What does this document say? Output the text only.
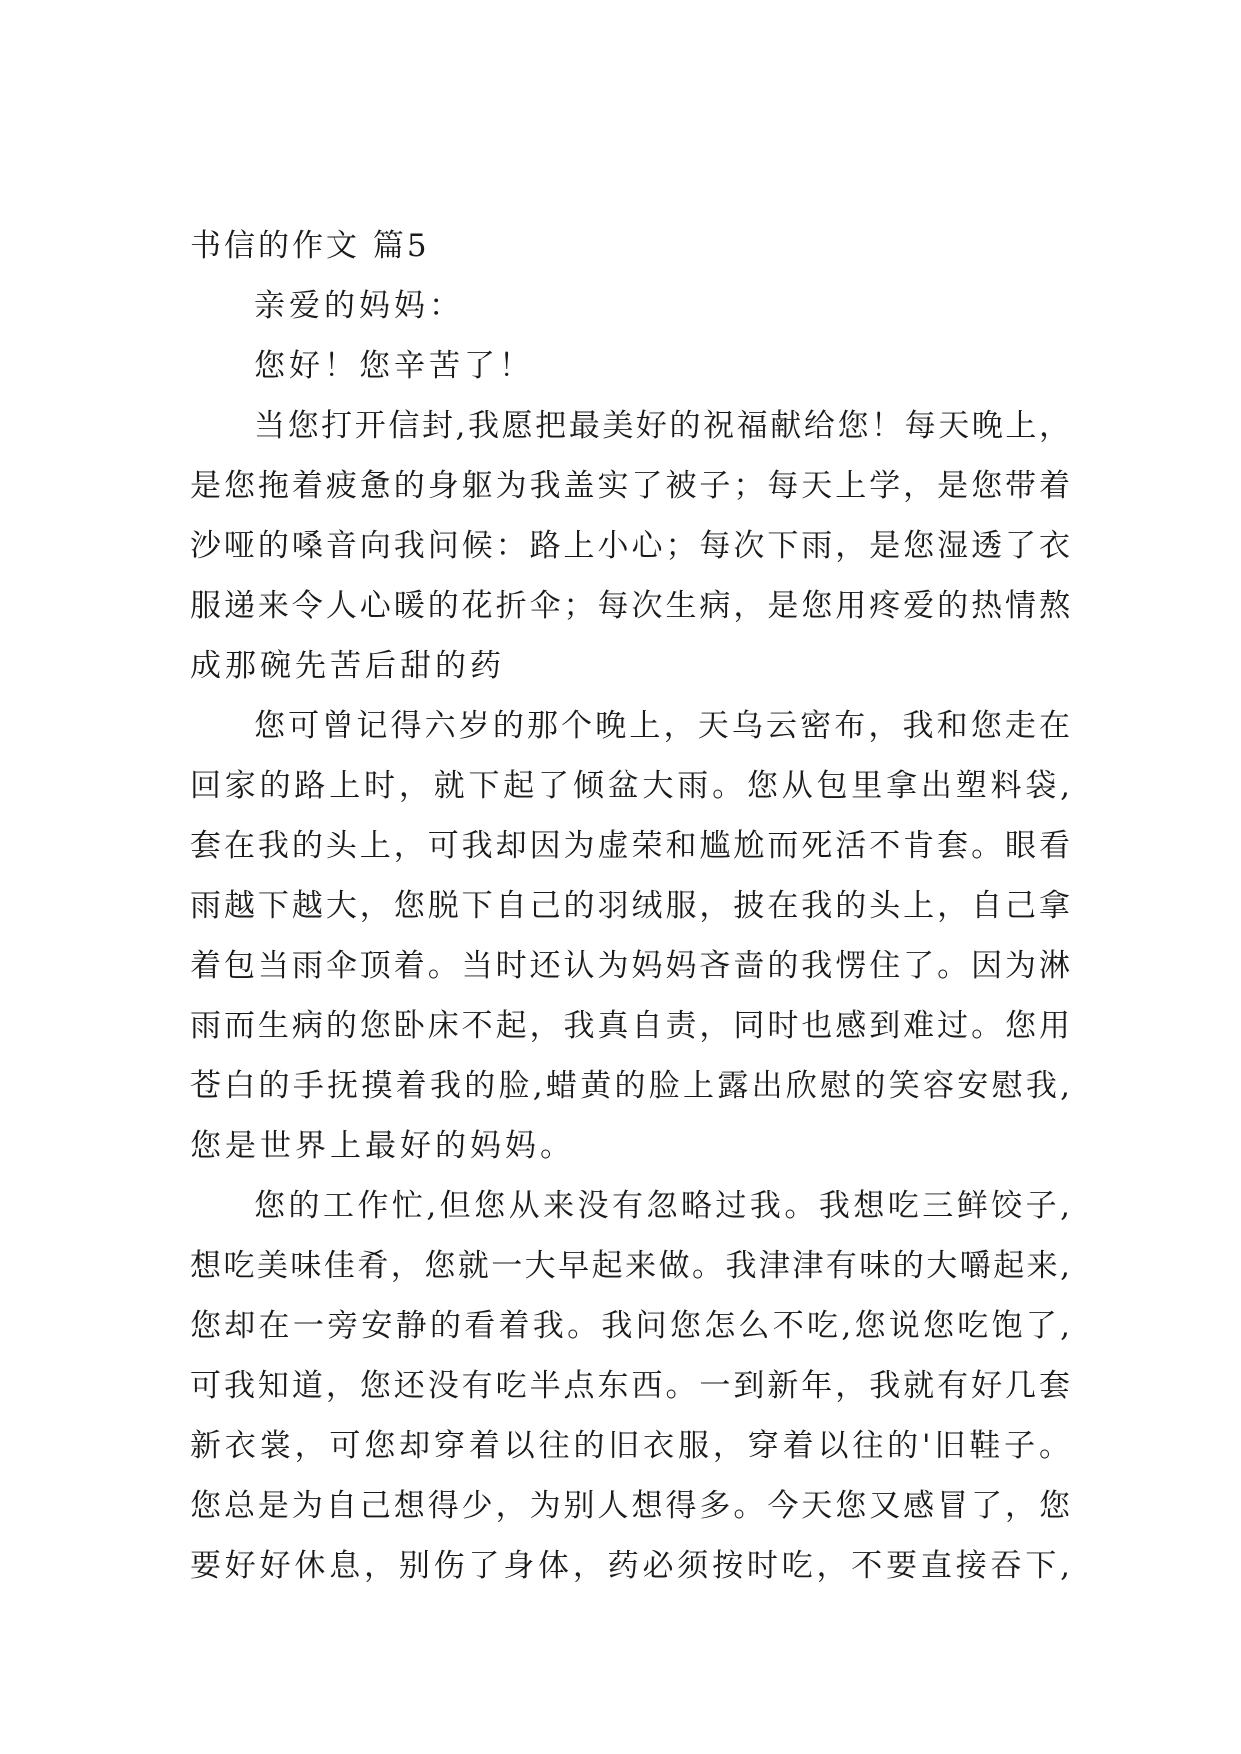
书信的作文 篇5
亲爱的妈妈：
您好！您辛苦了！
当您打开信封,我愿把最美好的祝福献给您！每天晚上，
是您拖着疲惫的身躯为我盖实了被子；每天上学，是您带着
沙哑的嗓音向我问候：路上小心；每次下雨，是您湿透了衣
服递来令人心暖的花折伞；每次生病，是您用疼爱的热情熬
成那碗先苦后甜的药
您可曾记得六岁的那个晚上，天乌云密布，我和您走在
回家的路上时，就下起了倾盆大雨。您从包里拿出塑料袋,
套在我的头上，可我却因为虚荣和尴尬而死活不肯套。眼看
雨越下越大，您脱下自己的羽绒服，披在我的头上，自己拿
着包当雨伞顶着。当时还认为妈妈吝啬的我愣住了。因为淋
雨而生病的您卧床不起，我真自责，同时也感到难过。您用
苍白的手抚摸着我的脸,蜡黄的脸上露出欣慰的笑容安慰我,
您是世界上最好的妈妈。
您的工作忙,但您从来没有忽略过我。我想吃三鲜饺子,
想吃美味佳肴，您就一大早起来做。我津津有味的大嚼起来,
您却在一旁安静的看着我。我问您怎么不吃,您说您吃饱了,
可我知道，您还没有吃半点东西。一到新年，我就有好几套
新衣裳，可您却穿着以往的旧衣服，穿着以往的'旧鞋子。
您总是为自己想得少，为别人想得多。今天您又感冒了，您
要好好休息，别伤了身体，药必须按时吃，不要直接吞下,
